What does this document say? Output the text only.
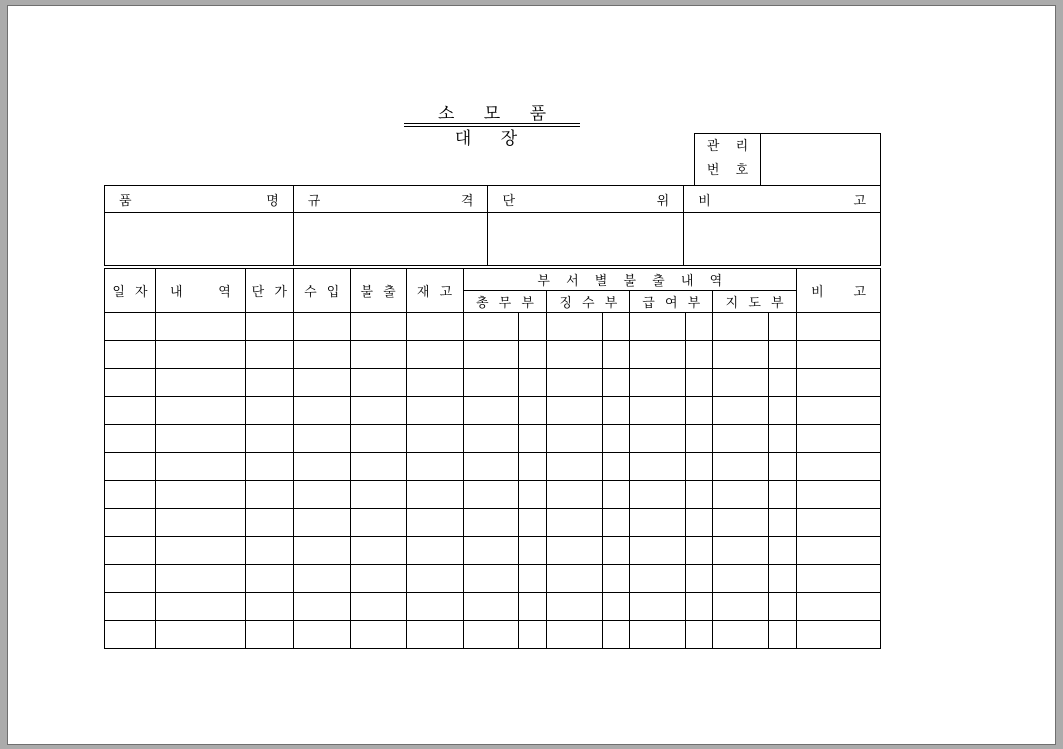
소 모 품 대 장	관 리
번 호
품 명	규 격	단 위	비 고

일 자	내 역	단 가	수 입	불 출	재 고	부 서 별 불 출 내 역								비 고

						총 무 부		징 수 부		급 여 부		지 도 부		
